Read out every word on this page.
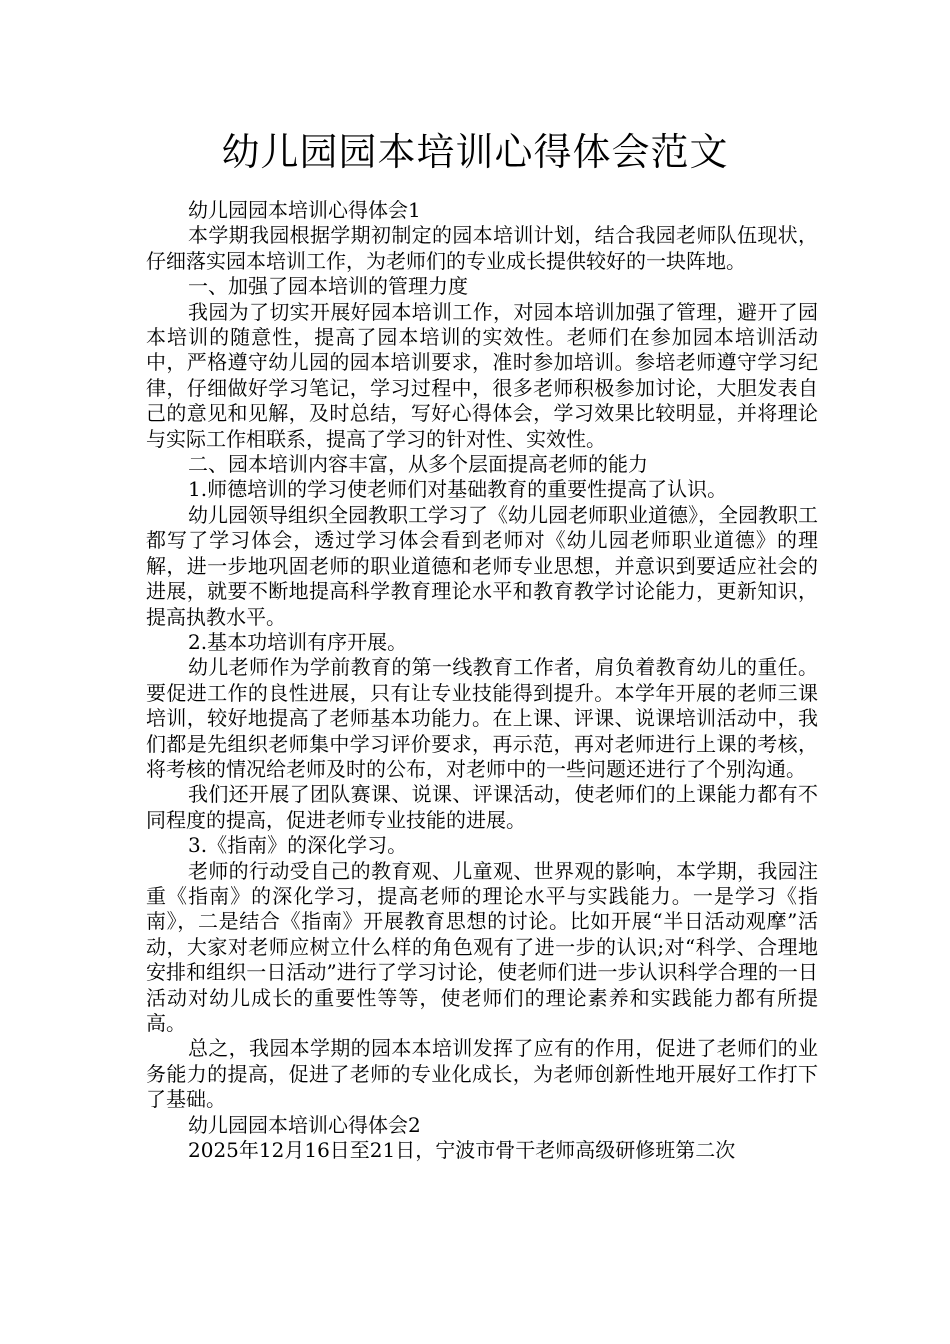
幼儿园园本培训心得体会范文

幼儿园园本培训心得体会1

本学期我园根据学期初制定的园本培训计划，结合我园老师队伍现状，仔细落实园本培训工作，为老师们的专业成长提供较好的一块阵地。

一、加强了园本培训的管理力度

我园为了切实开展好园本培训工作，对园本培训加强了管理，避开了园本培训的随意性，提高了园本培训的实效性。老师们在参加园本培训活动中，严格遵守幼儿园的园本培训要求，准时参加培训。参培老师遵守学习纪律，仔细做好学习笔记，学习过程中，很多老师积极参加讨论，大胆发表自己的意见和见解，及时总结，写好心得体会，学习效果比较明显，并将理论与实际工作相联系，提高了学习的针对性、实效性。

二、园本培训内容丰富，从多个层面提高老师的能力

1.师德培训的学习使老师们对基础教育的重要性提高了认识。

幼儿园领导组织全园教职工学习了《幼儿园老师职业道德》，全园教职工都写了学习体会，透过学习体会看到老师对《幼儿园老师职业道德》的理解，进一步地巩固老师的职业道德和老师专业思想，并意识到要适应社会的进展，就要不断地提高科学教育理论水平和教育教学讨论能力，更新知识，提高执教水平。

2.基本功培训有序开展。

幼儿老师作为学前教育的第一线教育工作者，肩负着教育幼儿的重任。要促进工作的良性进展，只有让专业技能得到提升。本学年开展的老师三课培训，较好地提高了老师基本功能力。在上课、评课、说课培训活动中，我们都是先组织老师集中学习评价要求，再示范，再对老师进行上课的考核，将考核的情况给老师及时的公布，对老师中的一些问题还进行了个别沟通。

我们还开展了团队赛课、说课、评课活动，使老师们的上课能力都有不同程度的提高，促进老师专业技能的进展。

3.《指南》的深化学习。

老师的行动受自己的教育观、儿童观、世界观的影响，本学期，我园注重《指南》的深化学习，提高老师的理论水平与实践能力。一是学习《指南》，二是结合《指南》开展教育思想的讨论。比如开展“半日活动观摩”活动，大家对老师应树立什么样的角色观有了进一步的认识;对“科学、合理地安排和组织一日活动”进行了学习讨论，使老师们进一步认识科学合理的一日活动对幼儿成长的重要性等等，使老师们的理论素养和实践能力都有所提高。

总之，我园本学期的园本本培训发挥了应有的作用，促进了老师们的业务能力的提高，促进了老师的专业化成长，为老师创新性地开展好工作打下了基础。

幼儿园园本培训心得体会2

2025年12月16日至21日，宁波市骨干老师高级研修班第二次
